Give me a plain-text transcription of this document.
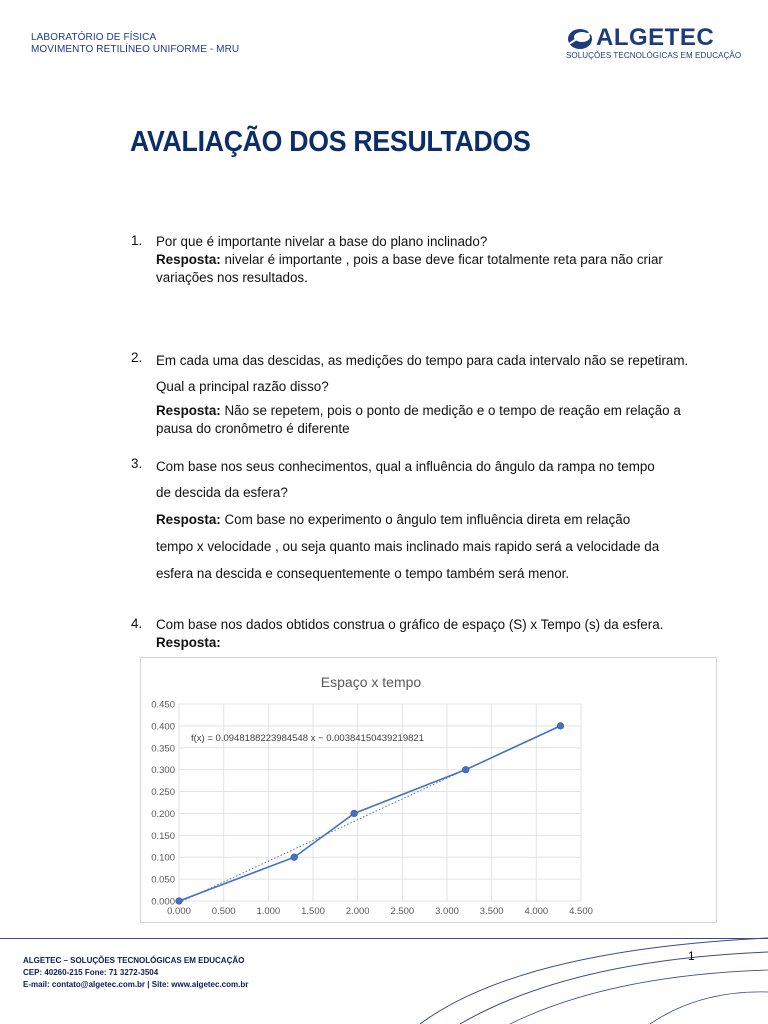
LABORATÓRIO DE FÍSICA
MOVIMENTO RETILÍNEO UNIFORME - MRU	ALGETEC
SOLUÇÕES TECNOLÓGICAS EM EDUCAÇÃO
AVALIAÇÃO DOS RESULTADOS
1. Por que é importante nivelar a base do plano inclinado?

Resposta: nivelar é importante , pois a base deve ficar totalmente reta para não criar variações nos resultados.

2. Em cada uma das descidas, as medições do tempo para cada intervalo não se repetiram. Qual a principal razão disso?

Resposta: Não se repetem, pois o ponto de medição e o tempo de reação em relação a pausa do cronômetro é diferente

3. Com base nos seus conhecimentos, qual a influência do ângulo da rampa no tempo de descida da esfera?

Resposta: Com base no experimento o ângulo tem influência direta em relação tempo x velocidade , ou seja quanto mais inclinado mais rapido será a velocidade da esfera na descida e consequentemente o tempo também será menor.

4. Com base nos dados obtidos construa o gráfico de espaço (S) x Tempo (s) da esfera.

Resposta:

Espaço x tempo
0.000 0.500 1.000 1.500 2.000 2.500 3.000 3.500 4.000 4.500
0.000
0.050
0.100
0.150
0.200
0.250
0.300
0.350
0.400
0.450
f(x) = 0.0948188223984548 x − 0.00384150439219821
1
ALGETEC – SOLUÇÕES TECNOLÓGICAS EM EDUCAÇÃO
CEP: 40260-215 Fone: 71 3272-3504
E-mail: contato@algetec.com.br | Site: www.algetec.com.br
